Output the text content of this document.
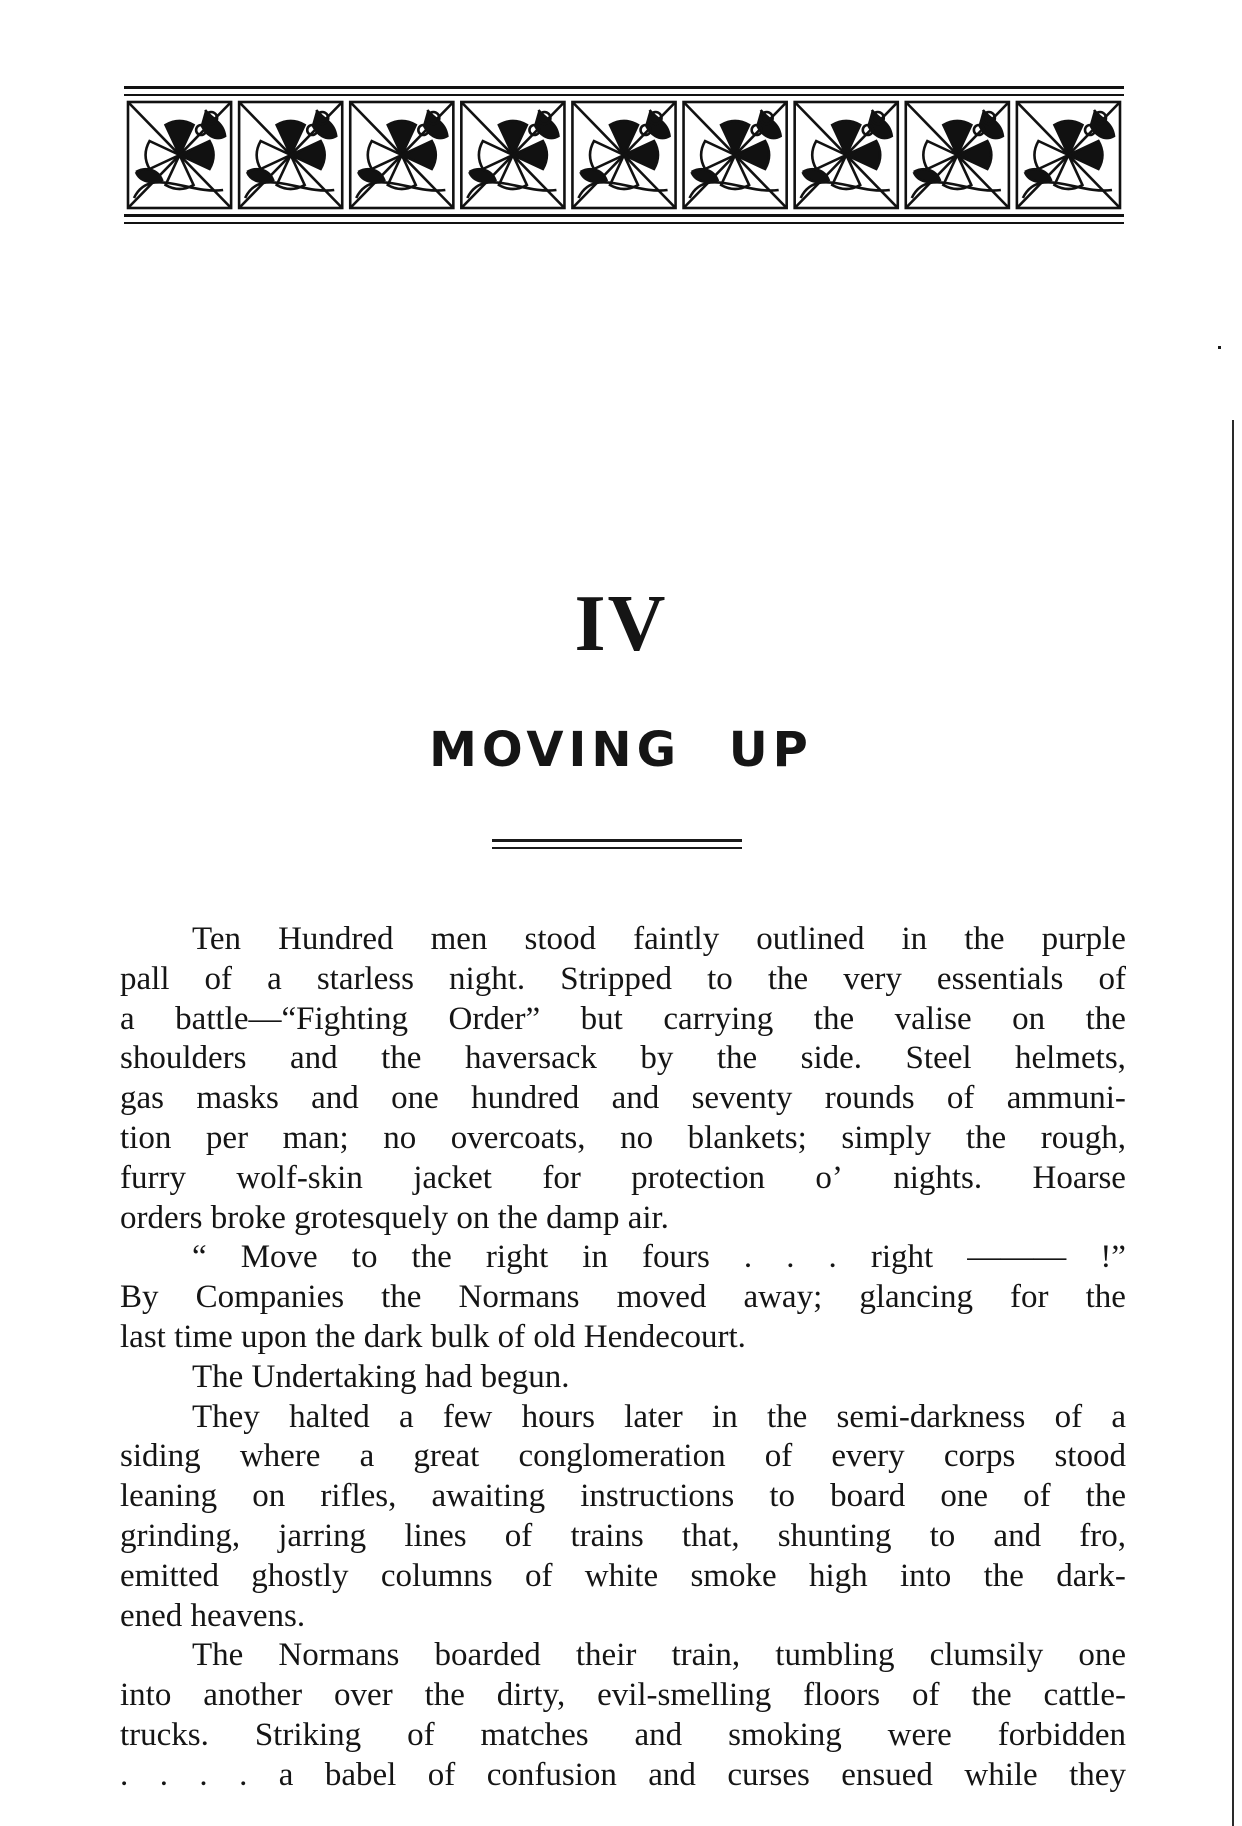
IV
MOVING UP
Ten Hundred men stood faintly outlined in the purple
pall of a starless night. Stripped to the very essentials of
a battle—“Fighting Order” but carrying the valise on the
shoulders and the haversack by the side. Steel helmets,
gas masks and one hundred and seventy rounds of ammuni-
tion per man; no overcoats, no blankets; simply the rough,
furry wolf-skin jacket for protection o’ nights. Hoarse
orders broke grotesquely on the damp air.
“ Move to the right in fours . . . right ——— !”
By Companies the Normans moved away; glancing for the
last time upon the dark bulk of old Hendecourt.
The Undertaking had begun.
They halted a few hours later in the semi-darkness of a
siding where a great conglomeration of every corps stood
leaning on rifles, awaiting instructions to board one of the
grinding, jarring lines of trains that, shunting to and fro,
emitted ghostly columns of white smoke high into the dark-
ened heavens.
The Normans boarded their train, tumbling clumsily one
into another over the dirty, evil-smelling floors of the cattle-
trucks. Striking of matches and smoking were forbidden
. . . . a babel of confusion and curses ensued while they
